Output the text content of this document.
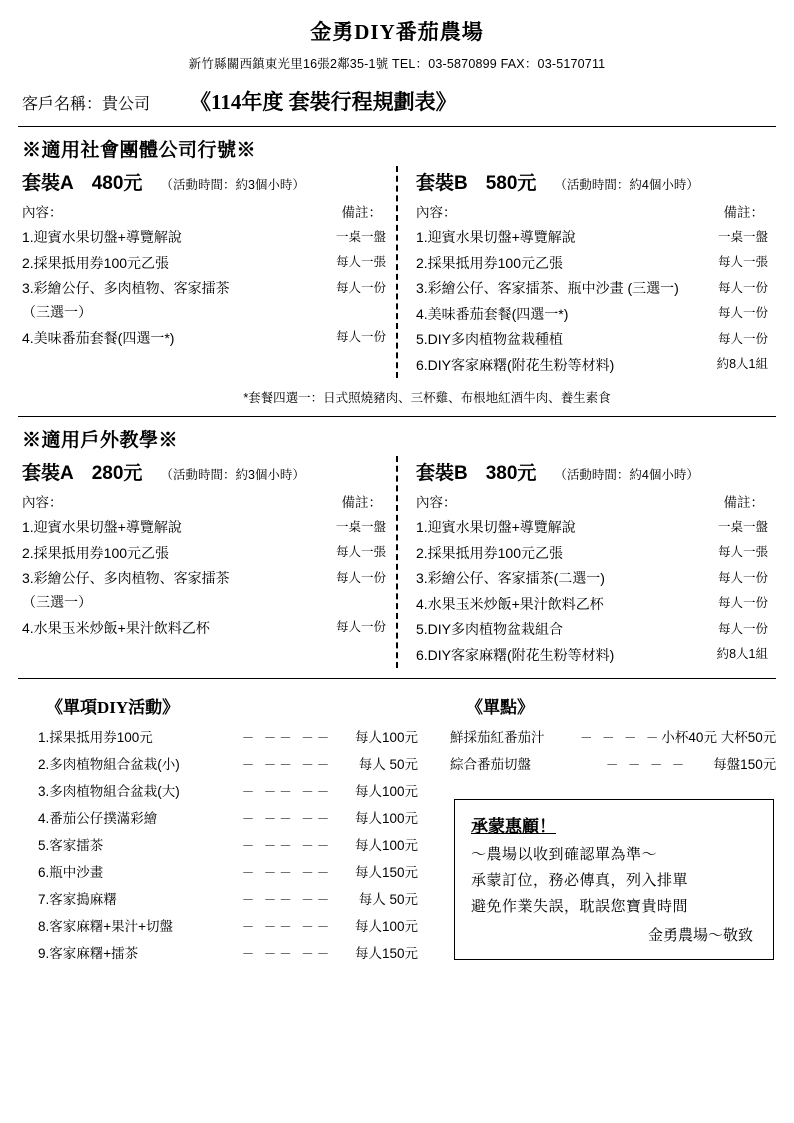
金勇DIY番茄農場
新竹縣關西鎮東光里16張2鄰35-1號 TEL：03-5870899 FAX：03-5170711
客戶名稱：貴公司 《114年度 套裝行程規劃表》
※適用社會團體公司行號※
套裝A 480元 （活動時間：約3個小時）
內容：	備註：
1.迎賓水果切盤+導覽解說	一桌一盤
2.採果抵用券100元乙張	每人一張
3.彩繪公仔、多肉植物、客家擂茶	每人一份
（三選一）
4.美味番茄套餐(四選一*)	每人一份
套裝B 580元 （活動時間：約4個小時）
內容：	備註：
1.迎賓水果切盤+導覽解說	一桌一盤
2.採果抵用券100元乙張	每人一張
3.彩繪公仔、客家擂茶、瓶中沙畫 (三選一)	每人一份
4.美味番茄套餐(四選一*)	每人一份
5.DIY多肉植物盆栽種植	每人一份
6.DIY客家麻糬(附花生粉等材料)	約8人1組
*套餐四選一：日式照燒豬肉、三杯雞、布根地紅酒牛肉、養生素食
※適用戶外教學※
套裝A 280元 （活動時間：約3個小時）
內容：	備註：
1.迎賓水果切盤+導覽解說	一桌一盤
2.採果抵用券100元乙張	每人一張
3.彩繪公仔、多肉植物、客家擂茶	每人一份
（三選一）
4.水果玉米炒飯+果汁飲料乙杯	每人一份
套裝B 380元 （活動時間：約4個小時）
內容：	備註：
1.迎賓水果切盤+導覽解說	一桌一盤
2.採果抵用券100元乙張	每人一張
3.彩繪公仔、客家擂茶(二選一)	每人一份
4.水果玉米炒飯+果汁飲料乙杯	每人一份
5.DIY多肉植物盆栽組合	每人一份
6.DIY客家麻糬(附花生粉等材料)	約8人1組
《單項DIY活動》
1.採果抵用券100元	－ －－ －－	每人100元
2.多肉植物組合盆栽(小)	－ －－ －－	每人 50元
3.多肉植物組合盆栽(大)	－ －－ －－	每人100元
4.番茄公仔撲滿彩繪	－ －－ －－	每人100元
5.客家擂茶	－ －－ －－	每人100元
6.瓶中沙畫	－ －－ －－	每人150元
7.客家搗麻糬	－ －－ －－	每人 50元
8.客家麻糬+果汁+切盤	－ －－ －－	每人100元
9.客家麻糬+擂茶	－ －－ －－	每人150元
《單點》
鮮採茄紅番茄汁	－ － － － 小杯40元 大杯50元
綜合番茄切盤	－ － － －	每盤150元
承蒙惠顧！
～農場以收到確認單為準～
承蒙訂位，務必傳真，列入排單
避免作業失誤，耽誤您寶貴時間
金勇農場～敬致
